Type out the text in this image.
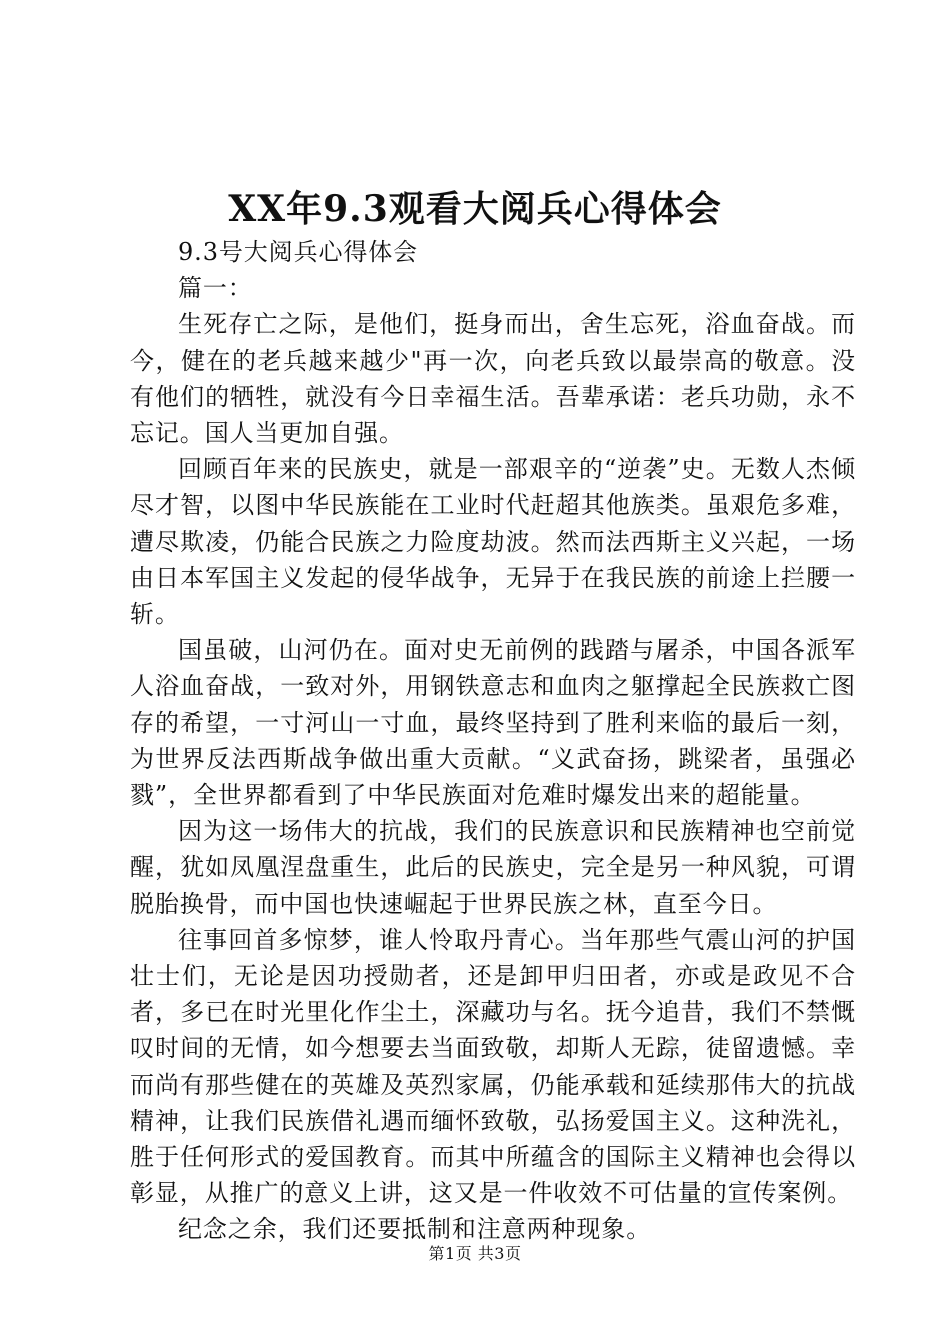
XX年9.3观看大阅兵心得体会

9.3号大阅兵心得体会

篇一：

生死存亡之际，是他们，挺身而出，舍生忘死，浴血奋战。而今，健在的老兵越来越少"再一次，向老兵致以最崇高的敬意。没有他们的牺牲，就没有今日幸福生活。吾辈承诺：老兵功勋，永不忘记。国人当更加自强。

回顾百年来的民族史，就是一部艰辛的“逆袭”史。无数人杰倾尽才智，以图中华民族能在工业时代赶超其他族类。虽艰危多难，遭尽欺凌，仍能合民族之力险度劫波。然而法西斯主义兴起，一场由日本军国主义发起的侵华战争，无异于在我民族的前途上拦腰一斩。

国虽破，山河仍在。面对史无前例的践踏与屠杀，中国各派军人浴血奋战，一致对外，用钢铁意志和血肉之躯撑起全民族救亡图存的希望，一寸河山一寸血，最终坚持到了胜利来临的最后一刻，为世界反法西斯战争做出重大贡献。“义武奋扬，跳梁者，虽强必戮”，全世界都看到了中华民族面对危难时爆发出来的超能量。

因为这一场伟大的抗战，我们的民族意识和民族精神也空前觉醒，犹如凤凰涅盘重生，此后的民族史，完全是另一种风貌，可谓脱胎换骨，而中国也快速崛起于世界民族之林，直至今日。

往事回首多惊梦，谁人怜取丹青心。当年那些气震山河的护国壮士们，无论是因功授勋者，还是卸甲归田者，亦或是政见不合者，多已在时光里化作尘土，深藏功与名。抚今追昔，我们不禁慨叹时间的无情，如今想要去当面致敬，却斯人无踪，徒留遗憾。幸而尚有那些健在的英雄及英烈家属，仍能承载和延续那伟大的抗战精神，让我们民族借礼遇而缅怀致敬，弘扬爱国主义。这种洗礼，胜于任何形式的爱国教育。而其中所蕴含的国际主义精神也会得以彰显，从推广的意义上讲，这又是一件收效不可估量的宣传案例。

纪念之余，我们还要抵制和注意两种现象。

第1页 共3页
